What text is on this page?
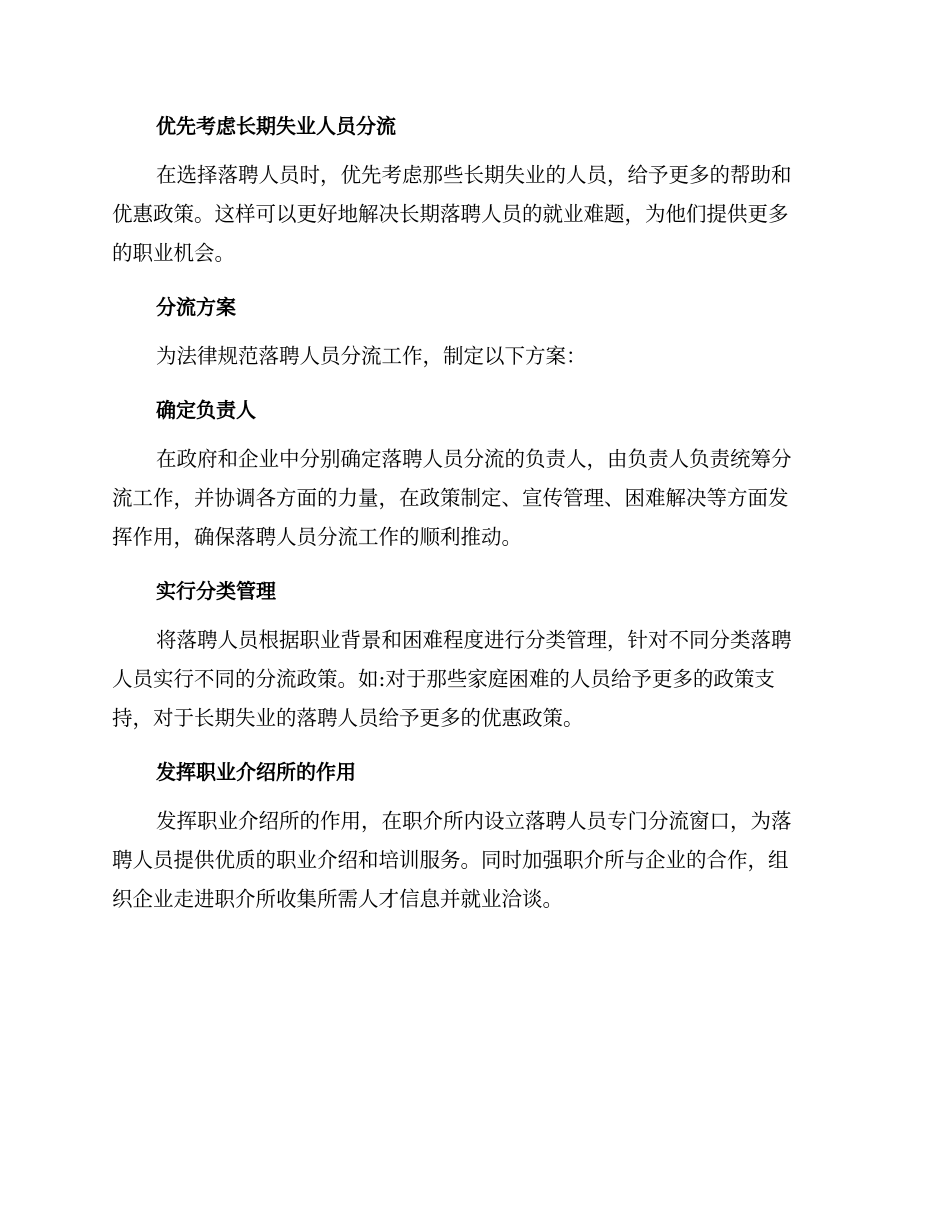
优先考虑长期失业人员分流
在选择落聘人员时，优先考虑那些长期失业的人员，给予更多的帮助和
优惠政策。这样可以更好地解决长期落聘人员的就业难题，为他们提供更多
的职业机会。
分流方案
为法律规范落聘人员分流工作，制定以下方案：
确定负责人
在政府和企业中分别确定落聘人员分流的负责人，由负责人负责统筹分
流工作，并协调各方面的力量，在政策制定、宣传管理、困难解决等方面发
挥作用，确保落聘人员分流工作的顺利推动。
实行分类管理
将落聘人员根据职业背景和困难程度进行分类管理，针对不同分类落聘
人员实行不同的分流政策。如:对于那些家庭困难的人员给予更多的政策支
持，对于长期失业的落聘人员给予更多的优惠政策。
发挥职业介绍所的作用
发挥职业介绍所的作用，在职介所内设立落聘人员专门分流窗口，为落
聘人员提供优质的职业介绍和培训服务。同时加强职介所与企业的合作，组
织企业走进职介所收集所需人才信息并就业洽谈。
